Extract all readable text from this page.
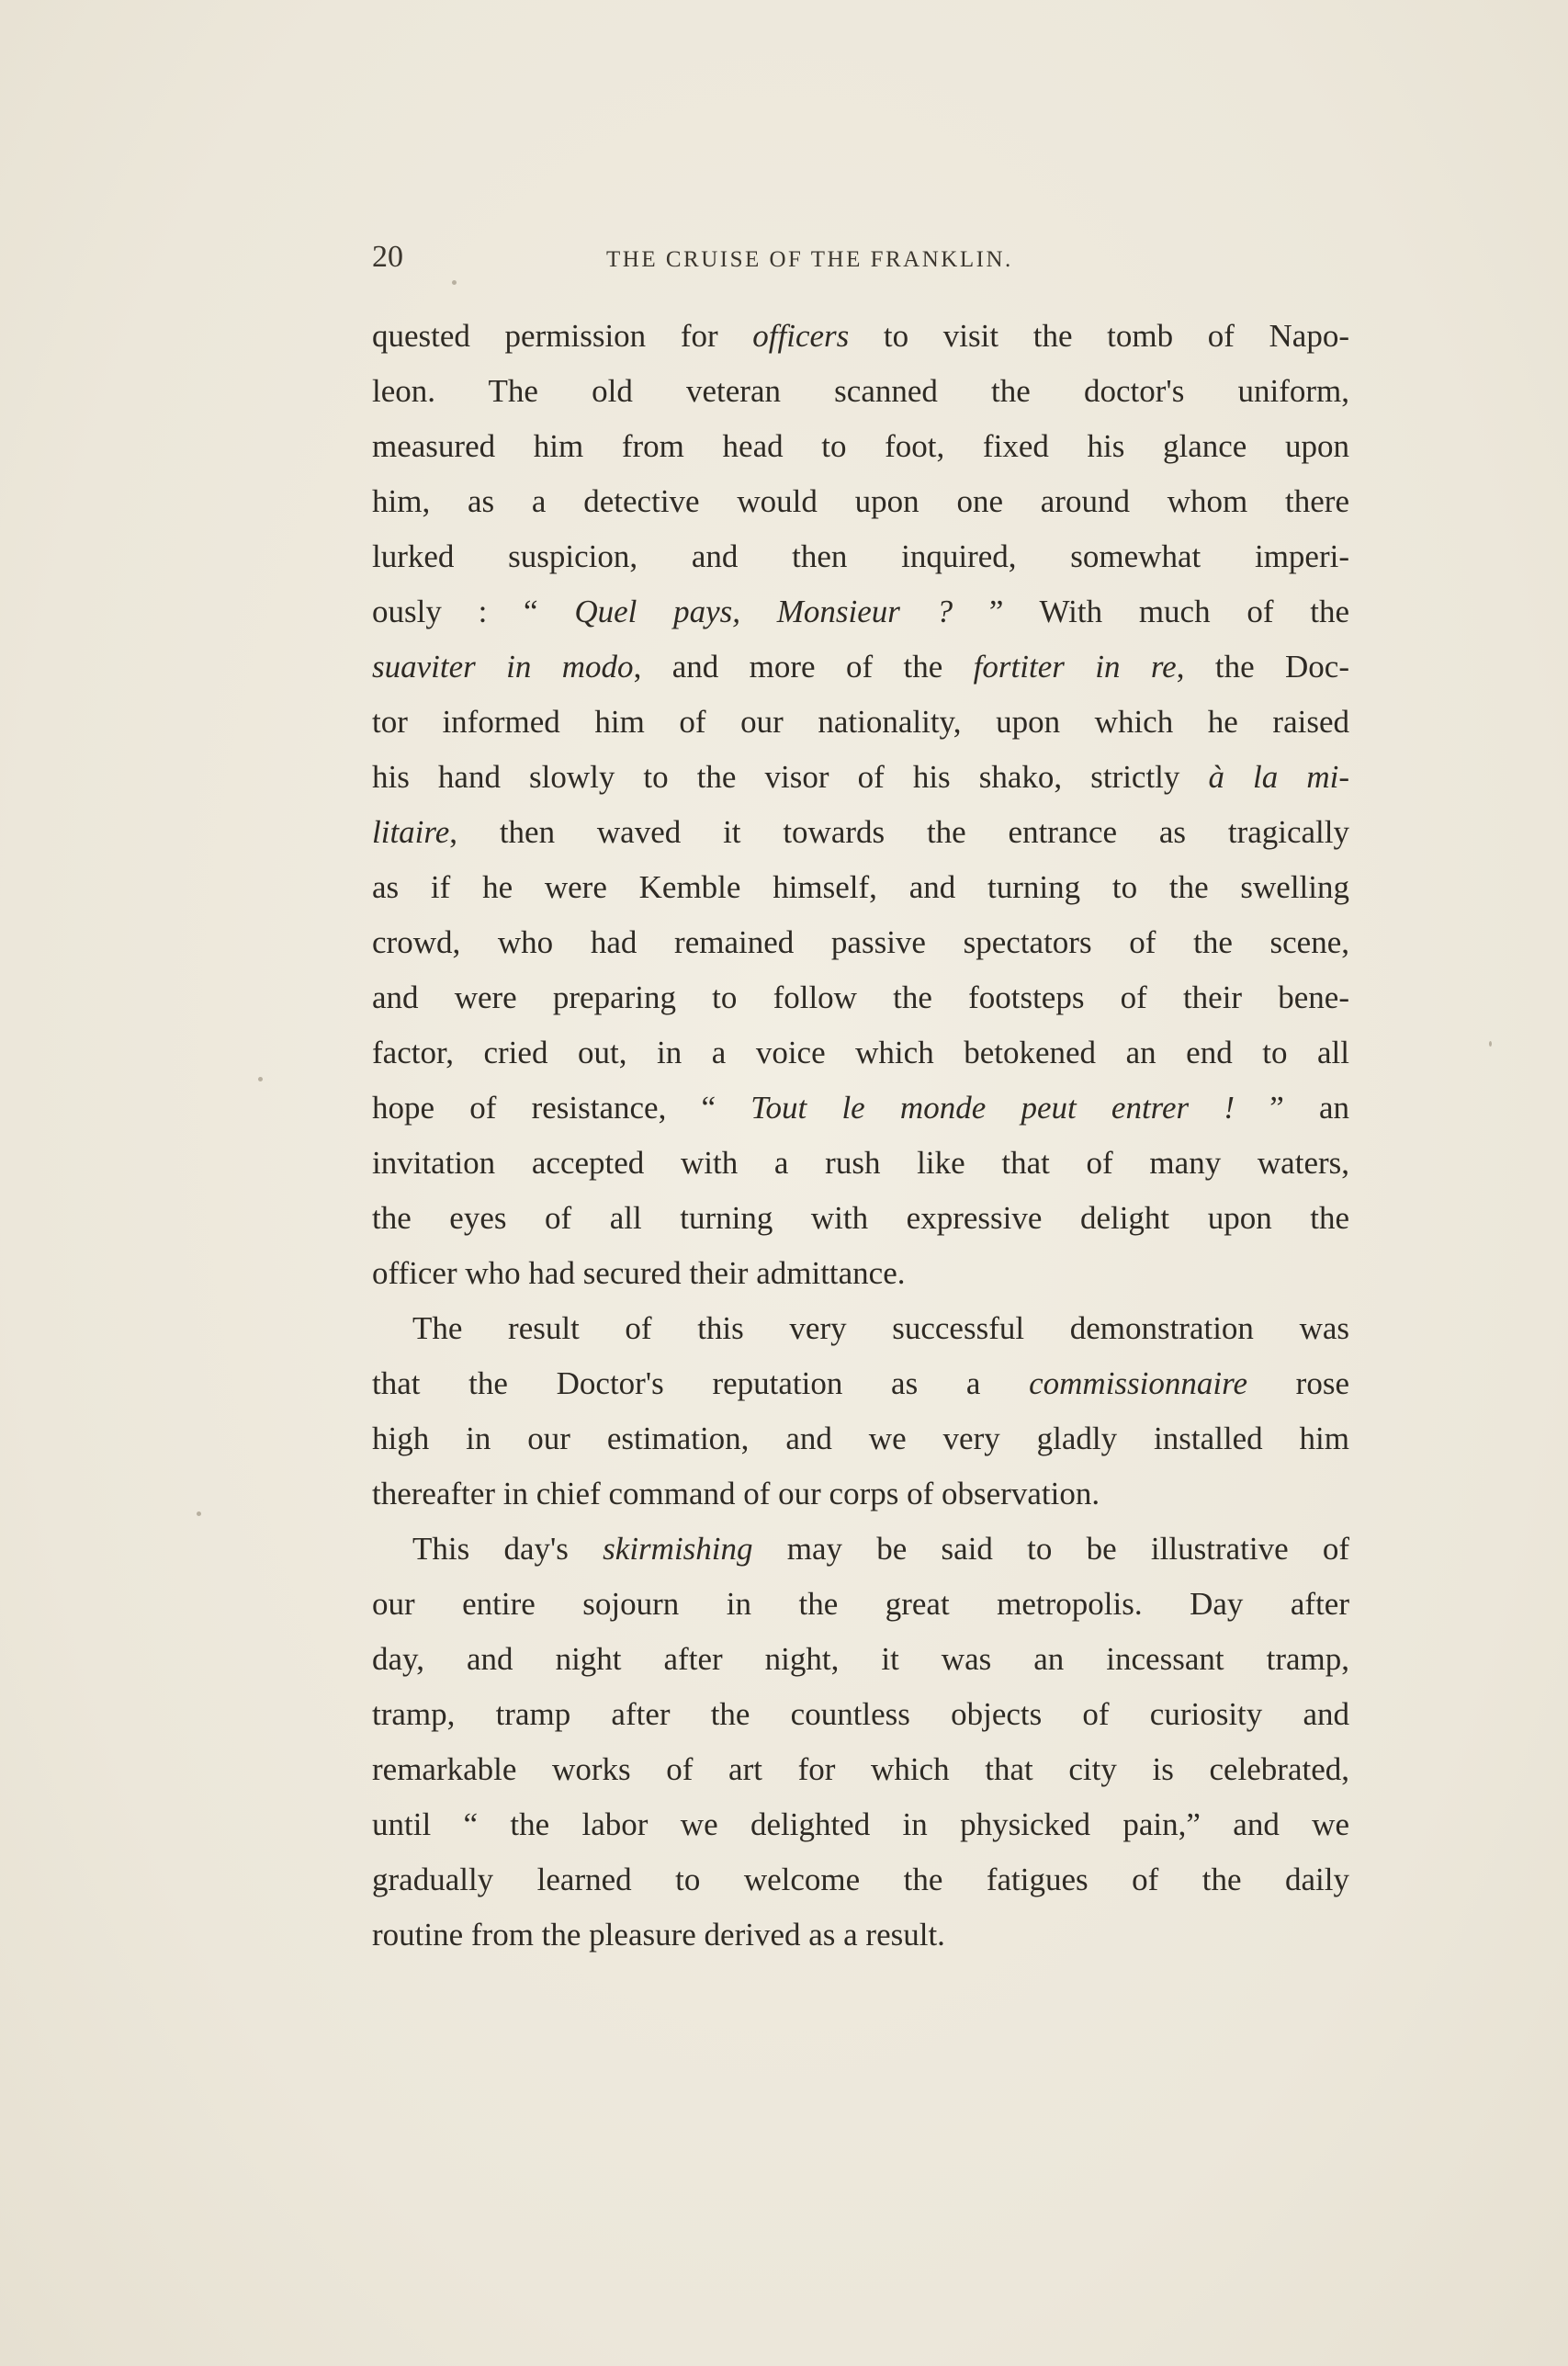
20	THE CRUISE OF THE FRANKLIN.
quested permission for officers to visit the tomb of Napo-
leon. The old veteran scanned the doctor's uniform,
measured him from head to foot, fixed his glance upon
him, as a detective would upon one around whom there
lurked suspicion, and then inquired, somewhat imperi-
ously : “ Quel pays, Monsieur ? ” With much of the
suaviter in modo, and more of the fortiter in re, the Doc-
tor informed him of our nationality, upon which he raised
his hand slowly to the visor of his shako, strictly à la mi-
litaire, then waved it towards the entrance as tragically
as if he were Kemble himself, and turning to the swelling
crowd, who had remained passive spectators of the scene,
and were preparing to follow the footsteps of their bene-
factor, cried out, in a voice which betokened an end to all
hope of resistance, “ Tout le monde peut entrer ! ” an
invitation accepted with a rush like that of many waters,
the eyes of all turning with expressive delight upon the
officer who had secured their admittance.
The result of this very successful demonstration was
that the Doctor's reputation as a commissionnaire rose
high in our estimation, and we very gladly installed him
thereafter in chief command of our corps of observation.
This day's skirmishing may be said to be illustrative of
our entire sojourn in the great metropolis. Day after
day, and night after night, it was an incessant tramp,
tramp, tramp after the countless objects of curiosity and
remarkable works of art for which that city is celebrated,
until “ the labor we delighted in physicked pain,” and we
gradually learned to welcome the fatigues of the daily
routine from the pleasure derived as a result.
